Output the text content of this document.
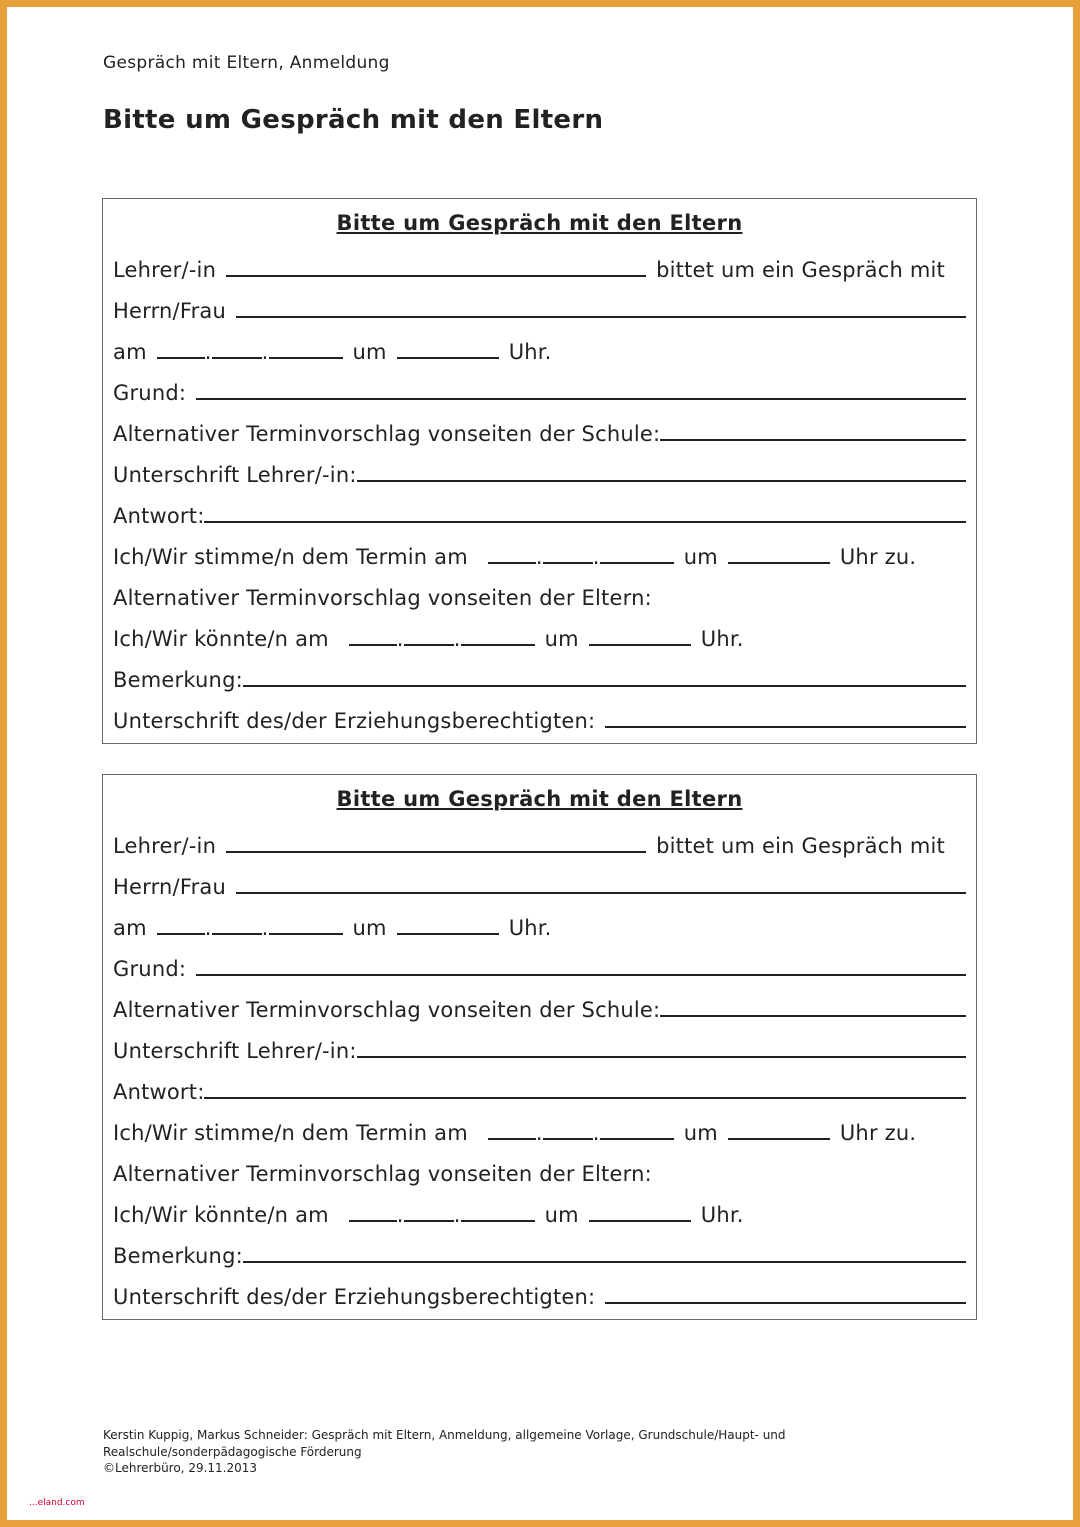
Gespräch mit Eltern, Anmeldung
Bitte um Gespräch mit den Eltern
Bitte um Gespräch mit den Eltern
Lehrer/-in	bittet um ein Gespräch mit
Herrn/Frau
am	. .	um	Uhr.
Grund:
Alternativer Terminvorschlag vonseiten der Schule:
Unterschrift Lehrer/-in:
Antwort:
Ich/Wir stimme/n dem Termin am	. .	um	Uhr zu.
Alternativer Terminvorschlag vonseiten der Eltern:
Ich/Wir könnte/n am	. .	um	Uhr.
Bemerkung:
Unterschrift des/der Erziehungsberechtigten:
Bitte um Gespräch mit den Eltern
Lehrer/-in	bittet um ein Gespräch mit
Herrn/Frau
am	. .	um	Uhr.
Grund:
Alternativer Terminvorschlag vonseiten der Schule:
Unterschrift Lehrer/-in:
Antwort:
Ich/Wir stimme/n dem Termin am	. .	um	Uhr zu.
Alternativer Terminvorschlag vonseiten der Eltern:
Ich/Wir könnte/n am	. .	um	Uhr.
Bemerkung:
Unterschrift des/der Erziehungsberechtigten:
Kerstin Kuppig, Markus Schneider: Gespräch mit Eltern, Anmeldung, allgemeine Vorlage, Grundschule/Haupt- und
Realschule/sonderpädagogische Förderung
©Lehrerbüro, 29.11.2013
...eland.com
